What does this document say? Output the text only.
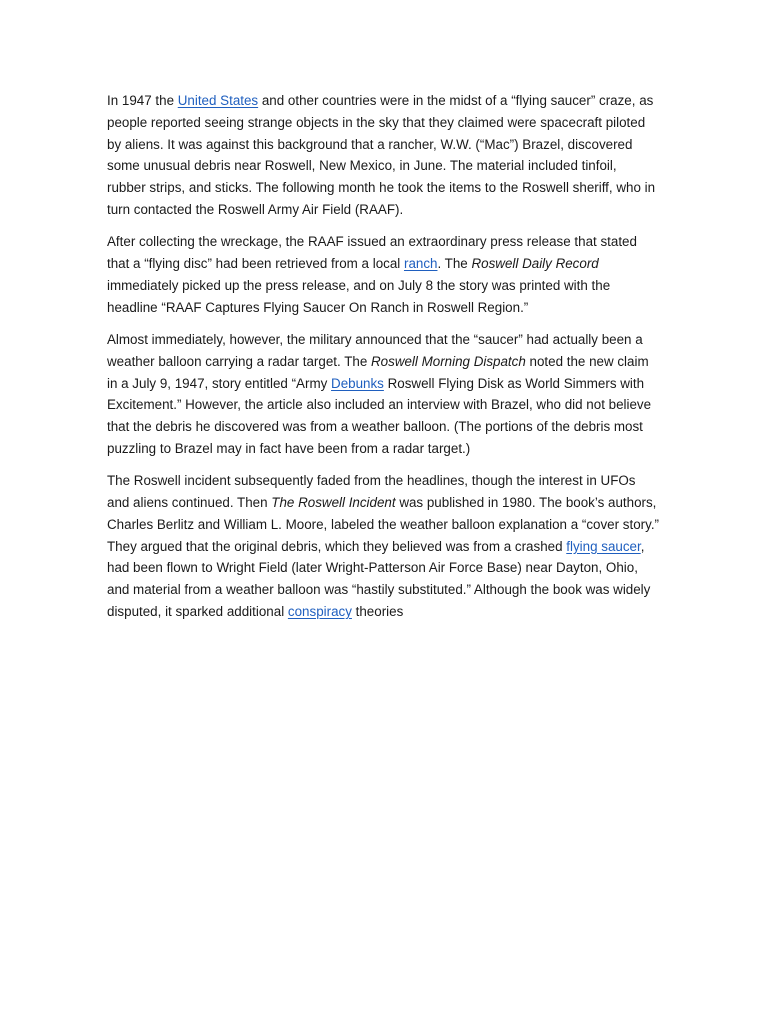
In 1947 the United States and other countries were in the midst of a “flying saucer” craze, as people reported seeing strange objects in the sky that they claimed were spacecraft piloted by aliens. It was against this background that a rancher, W.W. (“Mac”) Brazel, discovered some unusual debris near Roswell, New Mexico, in June. The material included tinfoil, rubber strips, and sticks. The following month he took the items to the Roswell sheriff, who in turn contacted the Roswell Army Air Field (RAAF).

After collecting the wreckage, the RAAF issued an extraordinary press release that stated that a “flying disc” had been retrieved from a local ranch. The Roswell Daily Record immediately picked up the press release, and on July 8 the story was printed with the headline “RAAF Captures Flying Saucer On Ranch in Roswell Region.”

Almost immediately, however, the military announced that the “saucer” had actually been a weather balloon carrying a radar target. The Roswell Morning Dispatch noted the new claim in a July 9, 1947, story entitled “Army Debunks Roswell Flying Disk as World Simmers with Excitement.” However, the article also included an interview with Brazel, who did not believe that the debris he discovered was from a weather balloon. (The portions of the debris most puzzling to Brazel may in fact have been from a radar target.)

The Roswell incident subsequently faded from the headlines, though the interest in UFOs and aliens continued. Then The Roswell Incident was published in 1980. The book’s authors, Charles Berlitz and William L. Moore, labeled the weather balloon explanation a “cover story.” They argued that the original debris, which they believed was from a crashed flying saucer, had been flown to Wright Field (later Wright-Patterson Air Force Base) near Dayton, Ohio, and material from a weather balloon was “hastily substituted.” Although the book was widely disputed, it sparked additional conspiracy theories
